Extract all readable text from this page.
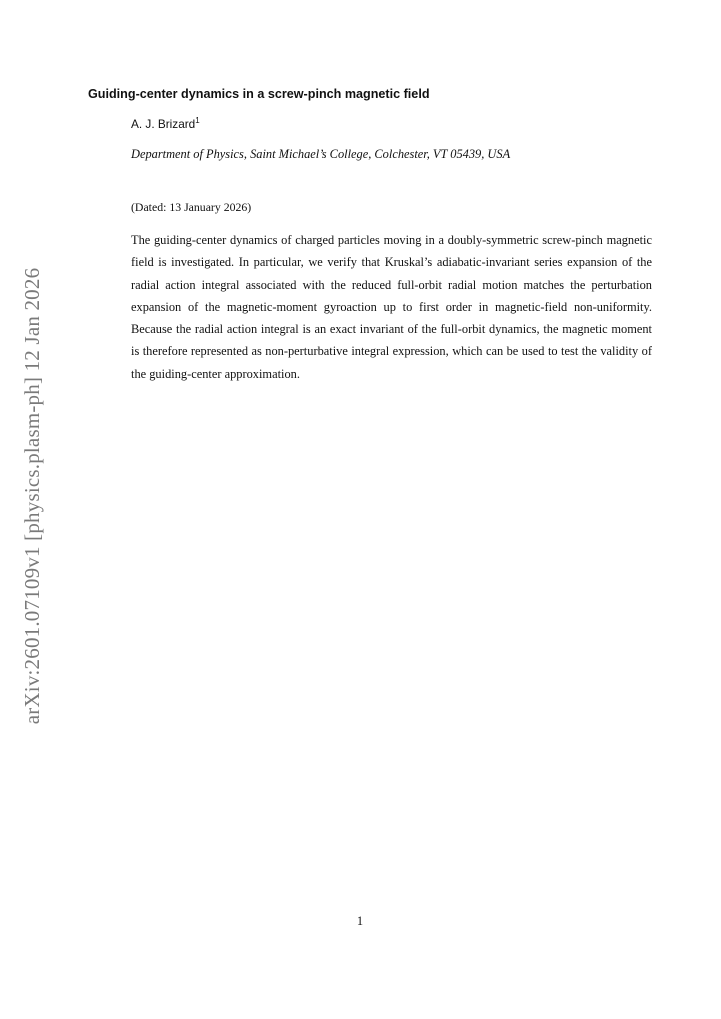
arXiv:2601.07109v1 [physics.plasm-ph] 12 Jan 2026
Guiding-center dynamics in a screw-pinch magnetic field
A. J. Brizard$^1$
Department of Physics, Saint Michael’s College, Colchester, VT 05439, USA
(Dated: 13 January 2026)
The guiding-center dynamics of charged particles moving in a doubly-symmetric screw-pinch magnetic field is investigated. In particular, we verify that Kruskal’s adiabatic-invariant series expansion of the radial action integral associated with the reduced full-orbit radial motion matches the perturbation expansion of the magnetic-moment gyroaction up to first order in magnetic-field non-uniformity. Because the radial action integral is an exact invariant of the full-orbit dynamics, the magnetic moment is therefore represented as non-perturbative integral expression, which can be used to test the validity of the guiding-center approximation.
1
